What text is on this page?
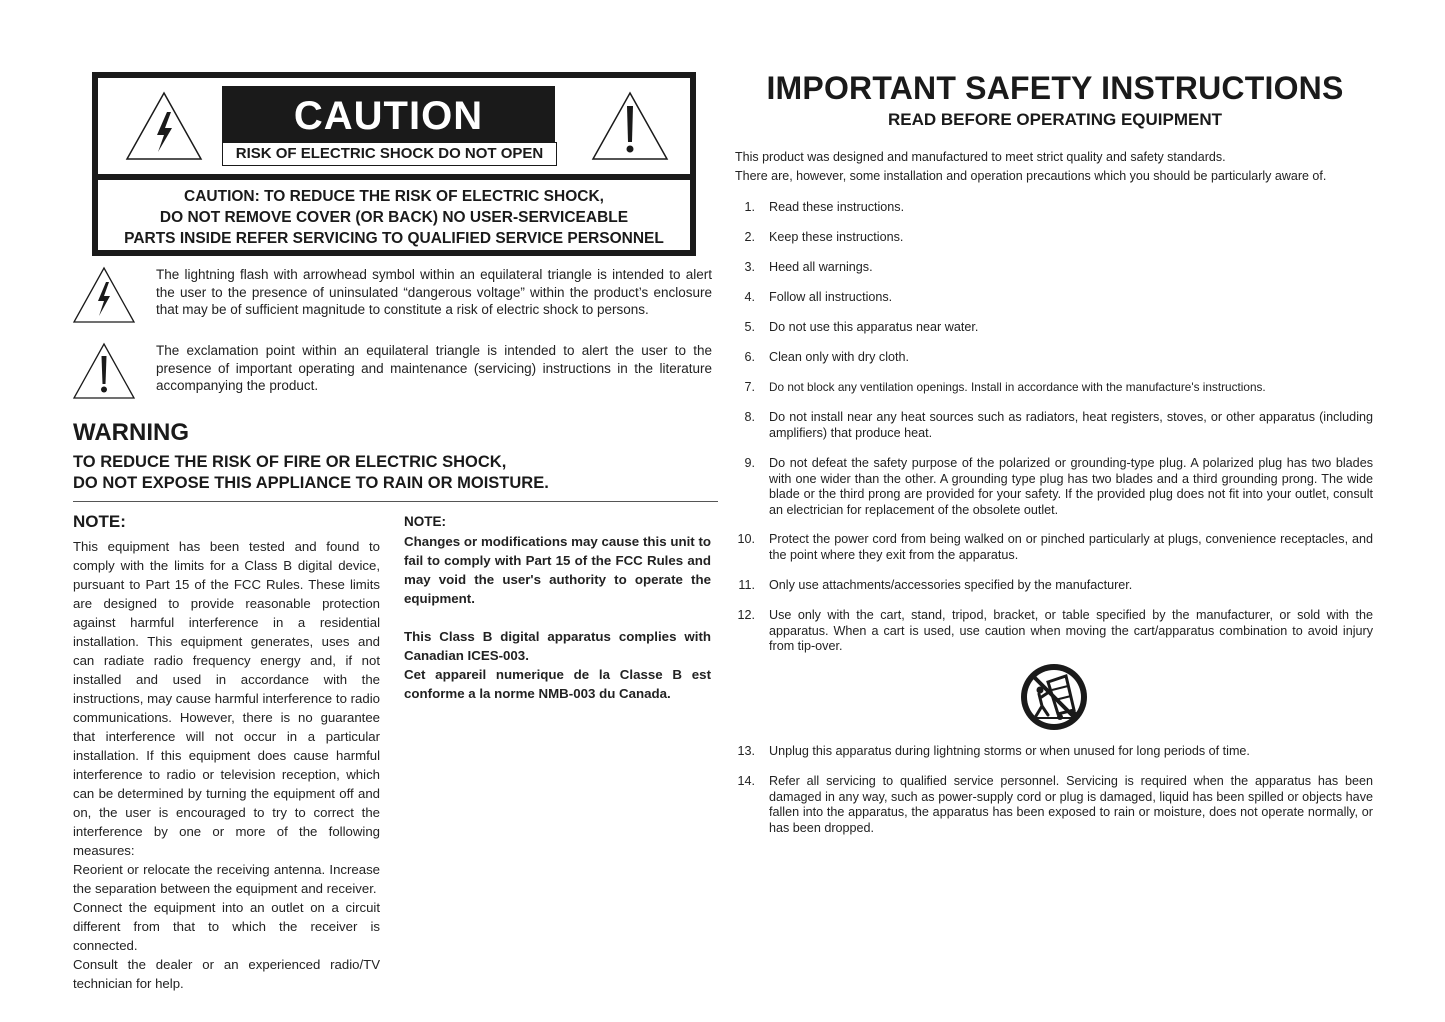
CAUTION
RISK OF ELECTRIC SHOCK DO NOT OPEN
CAUTION: TO REDUCE THE RISK OF ELECTRIC SHOCK,
DO NOT REMOVE COVER (OR BACK) NO USER-SERVICEABLE
PARTS INSIDE REFER SERVICING TO QUALIFIED SERVICE PERSONNEL
The lightning flash with arrowhead symbol within an equilateral triangle is intended to alert the user to the presence of uninsulated “dangerous voltage” within the product’s enclosure that may be of sufficient magnitude to constitute a risk of electric shock to persons.
The exclamation point within an equilateral triangle is intended to alert the user to the presence of important operating and maintenance (servicing) instructions in the literature accompanying the product.
WARNING
TO REDUCE THE RISK OF FIRE OR ELECTRIC SHOCK,
DO NOT EXPOSE THIS APPLIANCE TO RAIN OR MOISTURE.
NOTE:
This equipment has been tested and found to comply with the limits for a Class B digital device, pursuant to Part 15 of the FCC Rules. These limits are designed to provide reasonable protection against harmful interference in a residential installation. This equipment generates, uses and can radiate radio frequency energy and, if not installed and used in accordance with the instructions, may cause harmful interference to radio communications. However, there is no guarantee that interference will not occur in a particular installation. If this equipment does cause harmful interference to radio or television reception, which can be determined by turning the equipment off and on, the user is encouraged to try to correct the interference by one or more of the following measures:
Reorient or relocate the receiving antenna. Increase the separation between the equipment and receiver.
Connect the equipment into an outlet on a circuit different from that to which the receiver is connected.
Consult the dealer or an experienced radio/TV technician for help.
NOTE:

Changes or modifications may cause this unit to fail to comply with Part 15 of the FCC Rules and may void the user's authority to operate the equipment.

This Class B digital apparatus complies with Canadian ICES-003.

Cet appareil numerique de la Classe B est conforme a la norme NMB-003 du Canada.

IMPORTANT SAFETY INSTRUCTIONS
READ BEFORE OPERATING EQUIPMENT
This product was designed and manufactured to meet strict quality and safety standards.
There are, however, some installation and operation precautions which you should be particularly aware of.
1. Read these instructions.
2. Keep these instructions.
3. Heed all warnings.
4. Follow all instructions.
5. Do not use this apparatus near water.
6. Clean only with dry cloth.
7. Do not block any ventilation openings. Install in accordance with the manufacture's instructions.
8. Do not install near any heat sources such as radiators, heat registers, stoves, or other apparatus (including amplifiers) that produce heat.
9. Do not defeat the safety purpose of the polarized or grounding-type plug. A polarized plug has two blades with one wider than the other. A grounding type plug has two blades and a third grounding prong. The wide blade or the third prong are provided for your safety. If the provided plug does not fit into your outlet, consult an electrician for replacement of the obsolete outlet.
10. Protect the power cord from being walked on or pinched particularly at plugs, convenience receptacles, and the point where they exit from the apparatus.
11. Only use attachments/accessories specified by the manufacturer.
12. Use only with the cart, stand, tripod, bracket, or table specified by the manufacturer, or sold with the apparatus. When a cart is used, use caution when moving the cart/apparatus combination to avoid injury from tip-over.
13. Unplug this apparatus during lightning storms or when unused for long periods of time.
14. Refer all servicing to qualified service personnel. Servicing is required when the apparatus has been damaged in any way, such as power-supply cord or plug is damaged, liquid has been spilled or objects have fallen into the apparatus, the apparatus has been exposed to rain or moisture, does not operate normally, or has been dropped.
